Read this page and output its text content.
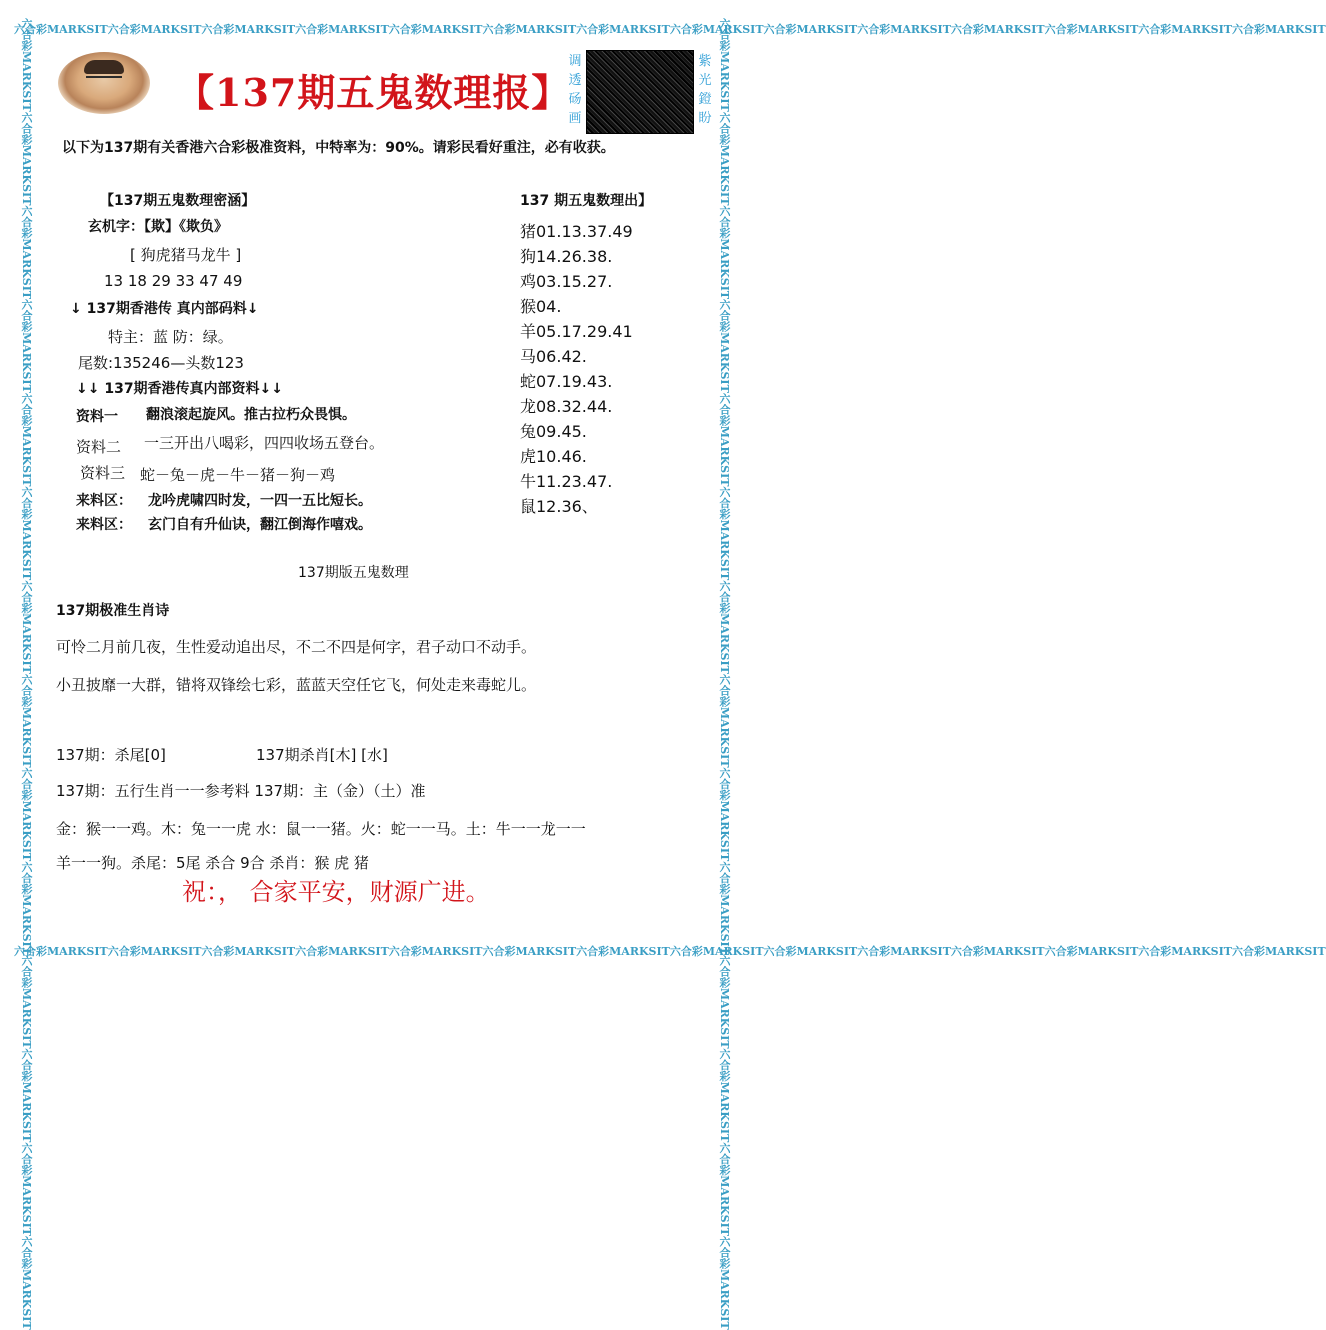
六合彩MARKSIT六合彩MARKSIT六合彩MARKSIT六合彩MARKSIT六合彩MARKSIT六合彩MARKSIT六合彩MARKSIT六合彩MARKSIT六合彩MARKSIT六合彩MARKSIT六合彩MARKSIT六合彩MARKSIT六合彩MARKSIT六合彩MARKSIT
六合彩MARKSIT六合彩MARKSIT六合彩MARKSIT六合彩MARKSIT六合彩MARKSIT六合彩MARKSIT六合彩MARKSIT六合彩MARKSIT六合彩MARKSIT六合彩MARKSIT六合彩MARKSIT六合彩MARKSIT六合彩MARKSIT六合彩MARKSIT
六合彩MARKSIT六合彩MARKSIT六合彩MARKSIT六合彩MARKSIT六合彩MARKSIT六合彩MARKSIT六合彩MARKSIT六合彩MARKSIT六合彩MARKSIT六合彩MARKSIT六合彩MARKSIT六合彩MARKSIT六合彩MARKSIT六合彩MARKSIT	六合彩MARKSIT六合彩MARKSIT六合彩MARKSIT六合彩MARKSIT六合彩MARKSIT六合彩MARKSIT六合彩MARKSIT六合彩MARKSIT六合彩MARKSIT六合彩MARKSIT六合彩MARKSIT六合彩MARKSIT六合彩MARKSIT六合彩MARKSIT
【137期五鬼数理报】
调透砀画
紫光鐙盼
以下为137期有关香港六合彩极准资料，中特率为：90%。请彩民看好重注，必有收获。
【137期五鬼数理密涵】
玄机字：【欺】《欺负》
[ 狗虎猪马龙牛 ]
13 18 29 33 47 49
↓ 137期香港传 真内部码料↓
特主：蓝 防：绿。
尾数:135246—头数123
↓↓ 137期香港传真内部资料↓↓
资料一 翻浪滚起旋风。推古拉朽众畏惧。
资料二 一三开出八喝彩，四四收场五登台。
资料三 蛇－兔－虎－牛－猪－狗－鸡
来料区： 龙吟虎啸四时发，一四一五比短长。
来料区： 玄门自有升仙诀，翻江倒海作嘻戏。
137 期五鬼数理出】
猪01.13.37.49
狗14.26.38.
鸡03.15.27.
猴04.
羊05.17.29.41
马06.42.
蛇07.19.43.
龙08.32.44.
兔09.45.
虎10.46.
牛11.23.47.
鼠12.36、
137期版五鬼数理
137期极准生肖诗
可怜二月前几夜，生性爱动追出尽，不二不四是何字，君子动口不动手。
小丑披靡一大群，错将双锋绘七彩，蓝蓝天空任它飞，何处走来毒蛇儿。
137期：杀尾[0]	137期杀肖[木] [水]
137期：五行生肖一一参考料 137期：主（金）（土）准
金：猴一一鸡。木：兔一一虎 水：鼠一一猪。火：蛇一一马。土：牛一一龙一一
羊一一狗。杀尾：5尾 杀合 9合 杀肖：猴 虎 猪
祝：， 合家平安，财源广进。
